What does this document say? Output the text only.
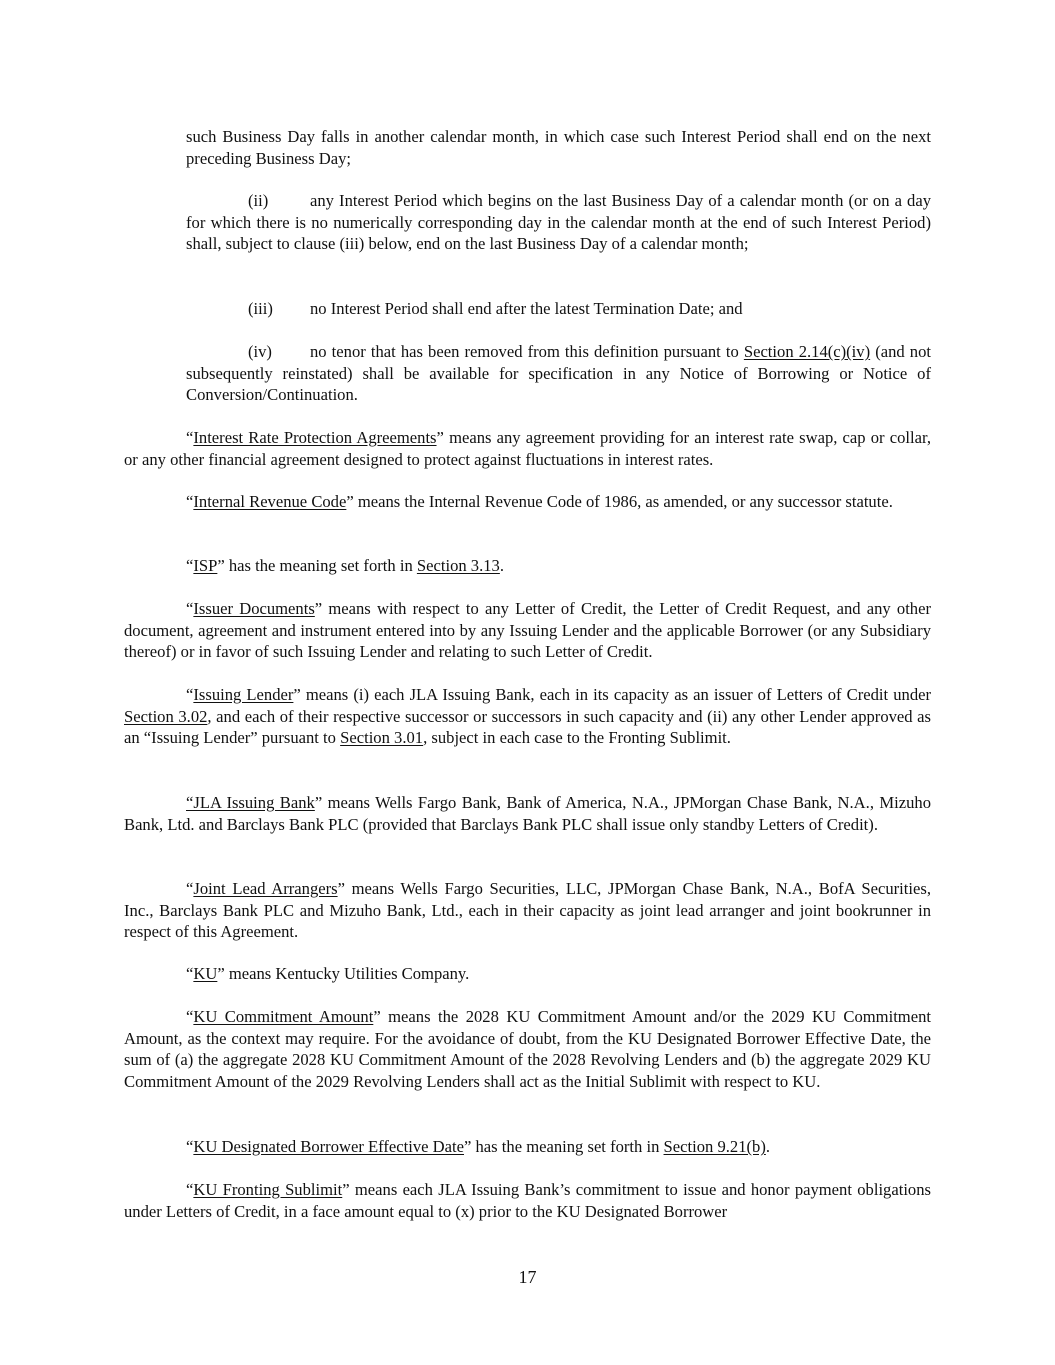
such Business Day falls in another calendar month, in which case such Interest Period shall end on the next preceding Business Day;

(ii)	any Interest Period which begins on the last Business Day of a calendar month (or on a day for which there is no numerically corresponding day in the calendar month at the end of such Interest Period) shall, subject to clause (iii) below, end on the last Business Day of a calendar month;

(iii) no Interest Period shall end after the latest Termination Date; and

(iv) no tenor that has been removed from this definition pursuant to Section 2.14(c)(iv) (and not subsequently reinstated) shall be available for specification in any Notice of Borrowing or Notice of Conversion/Continuation.

“Interest Rate Protection Agreements” means any agreement providing for an interest rate swap, cap or collar, or any other financial agreement designed to protect against fluctuations in interest rates.

“Internal Revenue Code” means the Internal Revenue Code of 1986, as amended, or any successor statute.

“ISP” has the meaning set forth in Section 3.13.

“Issuer Documents” means with respect to any Letter of Credit, the Letter of Credit Request, and any other document, agreement and instrument entered into by any Issuing Lender and the applicable Borrower (or any Subsidiary thereof) or in favor of such Issuing Lender and relating to such Letter of Credit.

“Issuing Lender” means (i) each JLA Issuing Bank, each in its capacity as an issuer of Letters of Credit under Section 3.02, and each of their respective successor or successors in such capacity and (ii) any other Lender approved as an “Issuing Lender” pursuant to Section 3.01, subject in each case to the Fronting Sublimit.

“JLA Issuing Bank” means Wells Fargo Bank, Bank of America, N.A., JPMorgan Chase Bank, N.A., Mizuho Bank, Ltd. and Barclays Bank PLC (provided that Barclays Bank PLC shall issue only standby Letters of Credit).

“Joint Lead Arrangers” means Wells Fargo Securities, LLC, JPMorgan Chase Bank, N.A., BofA Securities, Inc., Barclays Bank PLC and Mizuho Bank, Ltd., each in their capacity as joint lead arranger and joint bookrunner in respect of this Agreement.

“KU” means Kentucky Utilities Company.

“KU Commitment Amount” means the 2028 KU Commitment Amount and/or the 2029 KU Commitment Amount, as the context may require. For the avoidance of doubt, from the KU Designated Borrower Effective Date, the sum of (a) the aggregate 2028 KU Commitment Amount of the 2028 Revolving Lenders and (b) the aggregate 2029 KU Commitment Amount of the 2029 Revolving Lenders shall act as the Initial Sublimit with respect to KU.

“KU Designated Borrower Effective Date” has the meaning set forth in Section 9.21(b).

“KU Fronting Sublimit” means each JLA Issuing Bank’s commitment to issue and honor payment obligations under Letters of Credit, in a face amount equal to (x) prior to the KU Designated Borrower

17
